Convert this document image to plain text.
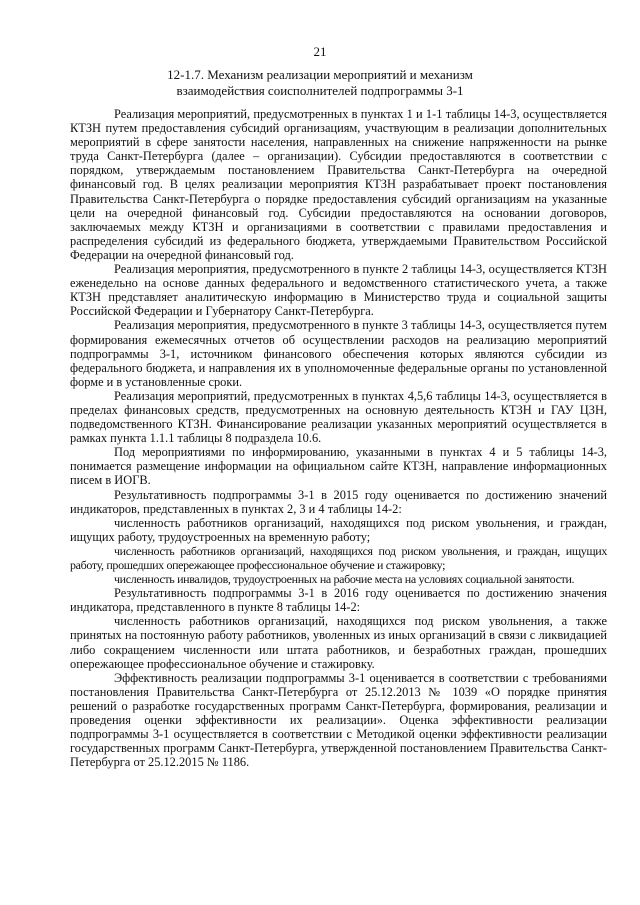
21
12-1.7. Механизм реализации мероприятий и механизм
взаимодействия соисполнителей подпрограммы 3-1

Реализация мероприятий, предусмотренных в пунктах 1 и 1-1 таблицы 14-3, осуществляется КТЗН путем предоставления субсидий организациям, участвующим в реализации дополнительных мероприятий в сфере занятости населения, направленных на снижение напряженности на рынке труда Санкт-Петербурга (далее – организации). Субсидии предоставляются в соответствии с порядком, утверждаемым постановлением Правительства Санкт-Петербурга на очередной финансовый год. В целях реализации мероприятия КТЗН разрабатывает проект постановления Правительства Санкт-Петербурга о порядке предоставления субсидий организациям на указанные цели на очередной финансовый год. Субсидии предоставляются на основании договоров, заключаемых между КТЗН и организациями в соответствии с правилами предоставления и распределения субсидий из федерального бюджета, утверждаемыми Правительством Российской Федерации на очередной финансовый год.

Реализация мероприятия, предусмотренного в пункте 2 таблицы 14-3, осуществляется КТЗН еженедельно на основе данных федерального и ведомственного статистического учета, а также КТЗН представляет аналитическую информацию в Министерство труда и социальной защиты Российской Федерации и Губернатору Санкт-Петербурга.

Реализация мероприятия, предусмотренного в пункте 3 таблицы 14-3, осуществляется путем формирования ежемесячных отчетов об осуществлении расходов на реализацию мероприятий подпрограммы 3-1, источником финансового обеспечения которых являются субсидии из федерального бюджета, и направления их в уполномоченные федеральные органы по установленной форме и в установленные сроки.

Реализация мероприятий, предусмотренных в пунктах 4,5,6 таблицы 14-3, осуществляется в пределах финансовых средств, предусмотренных на основную деятельность КТЗН и ГАУ ЦЗН, подведомственного КТЗН. Финансирование реализации указанных мероприятий осуществляется в рамках пункта 1.1.1 таблицы 8 подраздела 10.6.

Под мероприятиями по информированию, указанными в пунктах 4 и 5 таблицы 14-3, понимается размещение информации на официальном сайте КТЗН, направление информационных писем в ИОГВ.

Результативность подпрограммы 3-1 в 2015 году оценивается по достижению значений индикаторов, представленных в пунктах 2, 3 и 4 таблицы 14-2:

численность работников организаций, находящихся под риском увольнения, и граждан, ищущих работу, трудоустроенных на временную работу;

численность работников организаций, находящихся под риском увольнения, и граждан, ищущих работу, прошедших опережающее профессиональное обучение и стажировку;

численность инвалидов, трудоустроенных на рабочие места на условиях социальной занятости.

Результативность подпрограммы 3-1 в 2016 году оценивается по достижению значения индикатора, представленного в пункте 8 таблицы 14-2:

численность работников организаций, находящихся под риском увольнения, а также принятых на постоянную работу работников, уволенных из иных организаций в связи с ликвидацией либо сокращением численности или штата работников, и безработных граждан, прошедших опережающее профессиональное обучение и стажировку.

Эффективность реализации подпрограммы 3-1 оценивается в соответствии с требованиями постановления Правительства Санкт-Петербурга от 25.12.2013 № 1039 «О порядке принятия решений о разработке государственных программ Санкт-Петербурга, формирования, реализации и проведения оценки эффективности их реализации». Оценка эффективности реализации подпрограммы 3-1 осуществляется в соответствии с Методикой оценки эффективности реализации государственных программ Санкт-Петербурга, утвержденной постановлением Правительства Санкт-Петербурга от 25.12.2015 № 1186.
